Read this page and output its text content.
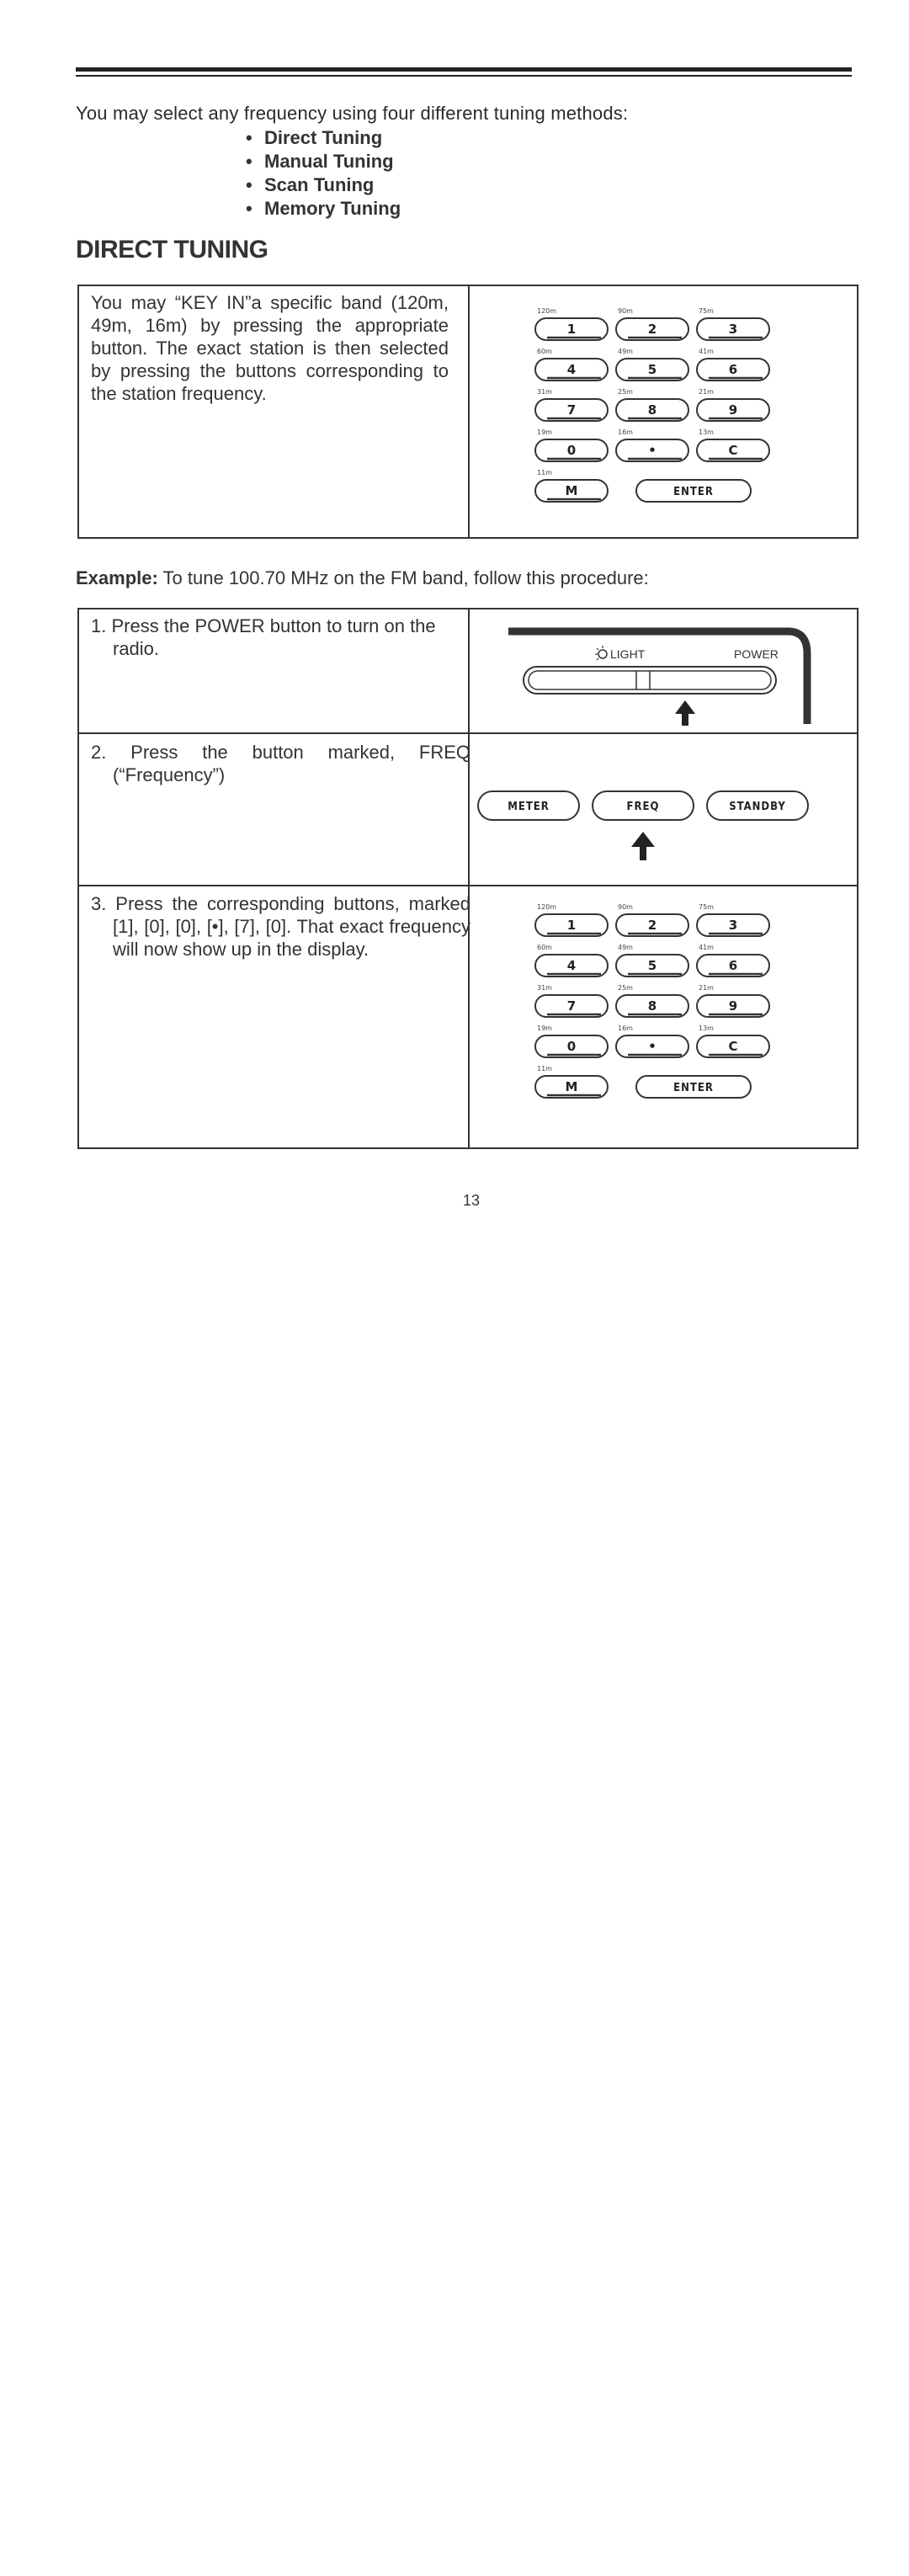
You may select any frequency using four different tuning methods:
• Direct Tuning
• Manual Tuning
• Scan Tuning
• Memory Tuning
DIRECT TUNING
You may “KEY IN”a specific band (120m, 49m, 16m) by pressing the appropriate button. The exact station is then selected by pressing the buttons corresponding to the station frequency.
120m
1
90m
2
75m
3
60m
4
49m
5
41m
6
31m
7
25m
8
21m
9
19m
0
16m
•
13m
C
11m
M	ENTER
Example: To tune 100.70 MHz on the FM band, follow this procedure:
1. Press the POWER button to turn on the radio.
2. Press the button marked, FREQ (“Frequency”)
3. Press the corresponding buttons, marked [1], [0], [0], [•], [7], [0]. That exact frequency will now show up in the display.
LIGHT	POWER
METER	FREQ	STANDBY
120m
1
90m
2
75m
3
60m
4
49m
5
41m
6
31m
7
25m
8
21m
9
19m
0
16m
•
13m
C
11m
M	ENTER
13
